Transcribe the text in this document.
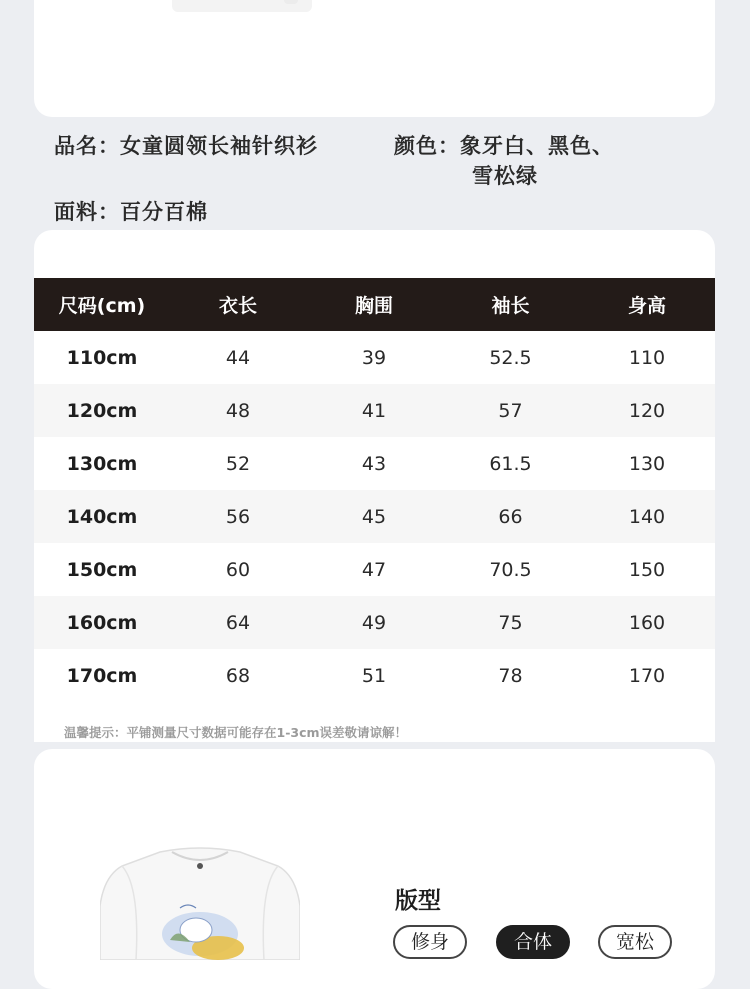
品名：女童圆领长袖针织衫	颜色：象牙白、黑色、
雪松绿
面料：百分百棉
尺码(cm)	衣长	胸围	袖长	身高
110cm	44	39	52.5	110
120cm	48	41	57	120
130cm	52	43	61.5	130
140cm	56	45	66	140
150cm	60	47	70.5	150
160cm	64	49	75	160
170cm	68	51	78	170
温馨提示：平铺测量尺寸数据可能存在1-3cm误差敬请谅解！
版型
修身	合体	宽松
